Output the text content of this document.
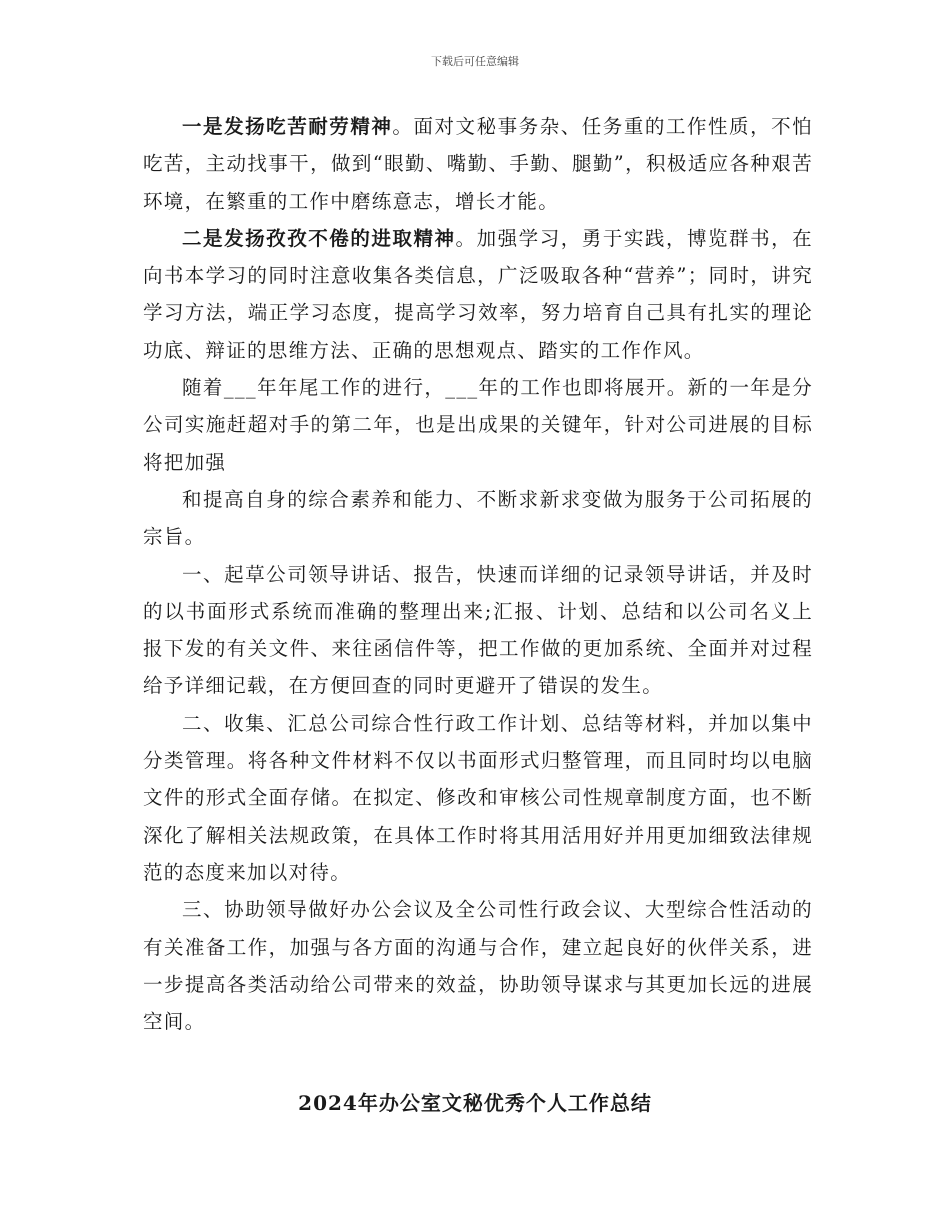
下载后可任意编辑

一是发扬吃苦耐劳精神。面对文秘事务杂、任务重的工作性质，不怕吃苦，主动找事干，做到“眼勤、嘴勤、手勤、腿勤”，积极适应各种艰苦环境，在繁重的工作中磨练意志，增长才能。

二是发扬孜孜不倦的进取精神。加强学习，勇于实践，博览群书，在向书本学习的同时注意收集各类信息，广泛吸取各种“营养”；同时，讲究学习方法，端正学习态度，提高学习效率，努力培育自己具有扎实的理论功底、辩证的思维方法、正确的思想观点、踏实的工作作风。

随着___年年尾工作的进行，___年的工作也即将展开。新的一年是分公司实施赶超对手的第二年，也是出成果的关键年，针对公司进展的目标将把加强

和提高自身的综合素养和能力、不断求新求变做为服务于公司拓展的宗旨。

一、起草公司领导讲话、报告，快速而详细的记录领导讲话，并及时的以书面形式系统而准确的整理出来;汇报、计划、总结和以公司名义上报下发的有关文件、来往函信件等，把工作做的更加系统、全面并对过程给予详细记载，在方便回查的同时更避开了错误的发生。

二、收集、汇总公司综合性行政工作计划、总结等材料，并加以集中分类管理。将各种文件材料不仅以书面形式归整管理，而且同时均以电脑文件的形式全面存储。在拟定、修改和审核公司性规章制度方面，也不断深化了解相关法规政策，在具体工作时将其用活用好并用更加细致法律规范的态度来加以对待。

三、协助领导做好办公会议及全公司性行政会议、大型综合性活动的有关准备工作，加强与各方面的沟通与合作，建立起良好的伙伴关系，进一步提高各类活动给公司带来的效益，协助领导谋求与其更加长远的进展空间。

2024年办公室文秘优秀个人工作总结
